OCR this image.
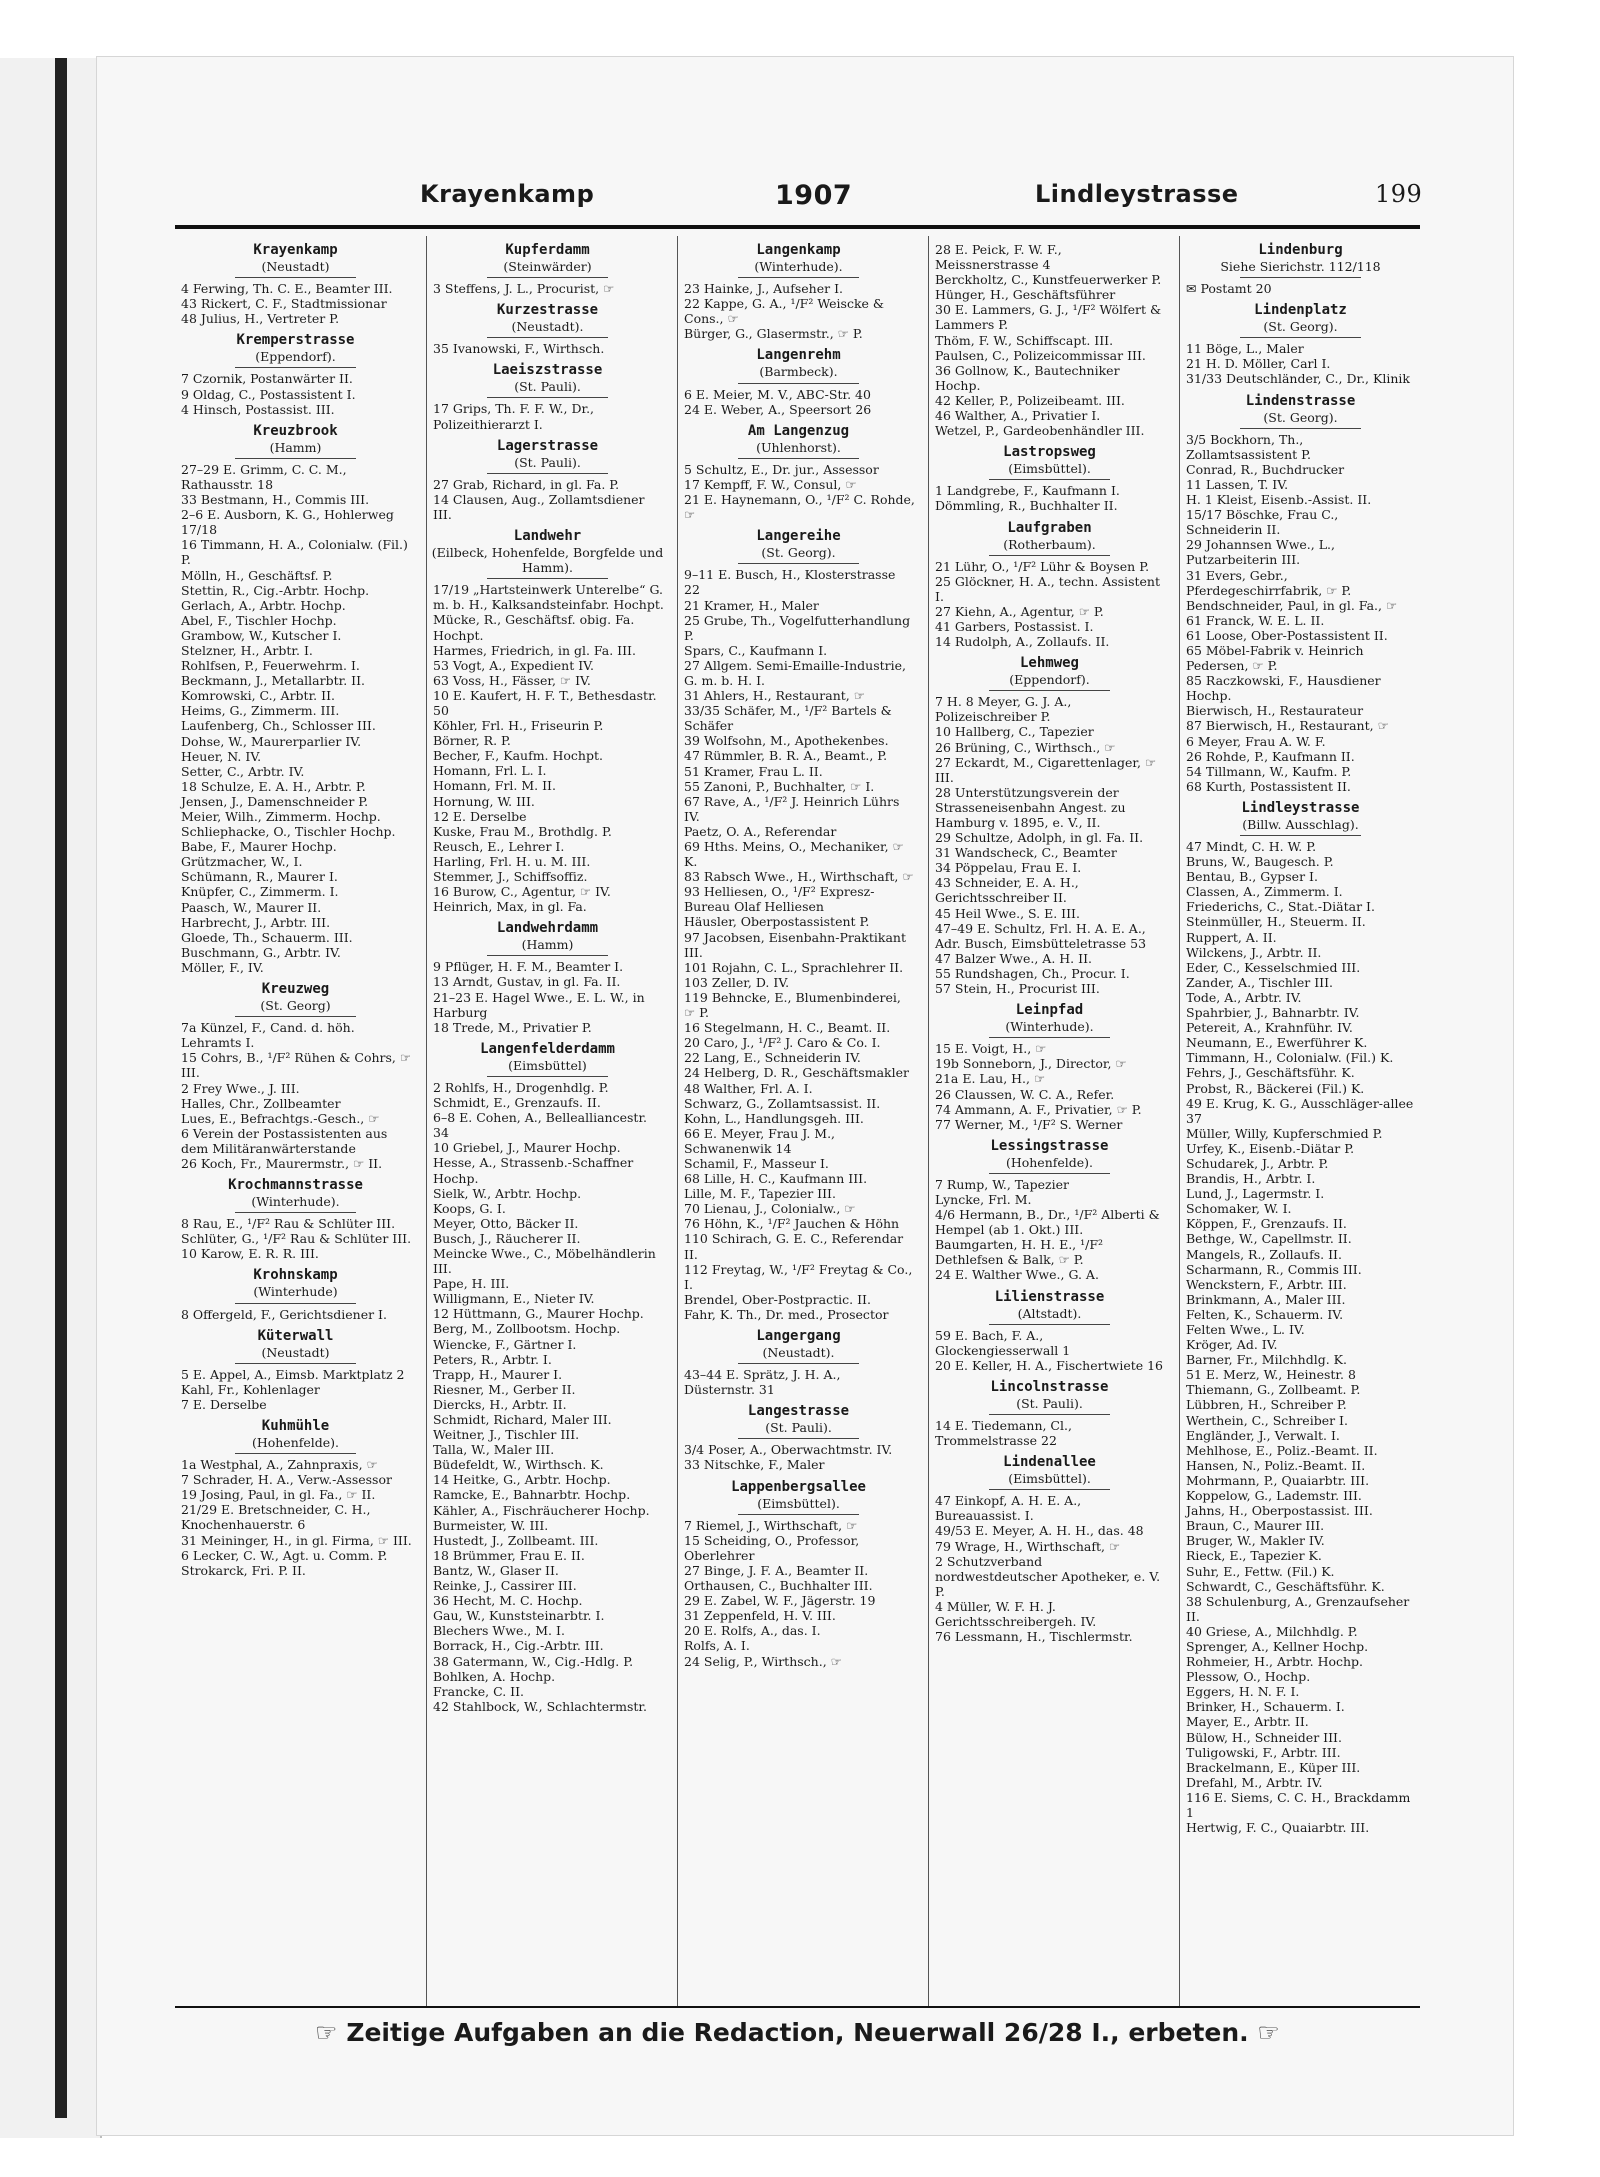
Krayenkamp	1907	Lindleystrasse	199
Krayenkamp
(Neustadt)
4 Ferwing, Th. C. E., Beamter III.
43 Rickert, C. F., Stadtmissionar
48 Julius, H., Vertreter P.
Kremperstrasse
(Eppendorf).
7 Czornik, Postanwärter II.
9 Oldag, C., Postassistent I.
4 Hinsch, Postassist. III.
Kreuzbrook
(Hamm)
27–29 E. Grimm, C. C. M., Rathausstr. 18
33 Bestmann, H., Commis III.
2–6 E. Ausborn, K. G., Hohlerweg 17/18
16 Timmann, H. A., Colonialw. (Fil.) P.
Mölln, H., Geschäftsf. P.
Stettin, R., Cig.-Arbtr. Hochp.
Gerlach, A., Arbtr. Hochp.
Abel, F., Tischler Hochp.
Grambow, W., Kutscher I.
Stelzner, H., Arbtr. I.
Rohlfsen, P., Feuerwehrm. I.
Beckmann, J., Metallarbtr. II.
Komrowski, C., Arbtr. II.
Heims, G., Zimmerm. III.
Laufenberg, Ch., Schlosser III.
Dohse, W., Maurerparlier IV.
Heuer, N. IV.
Setter, C., Arbtr. IV.
18 Schulze, E. A. H., Arbtr. P.
Jensen, J., Damenschneider P.
Meier, Wilh., Zimmerm. Hochp.
Schliephacke, O., Tischler Hochp.
Babe, F., Maurer Hochp.
Grützmacher, W., I.
Schümann, R., Maurer I.
Knüpfer, C., Zimmerm. I.
Paasch, W., Maurer II.
Harbrecht, J., Arbtr. III.
Gloede, Th., Schauerm. III.
Buschmann, G., Arbtr. IV.
Möller, F., IV.
Kreuzweg
(St. Georg)
7a Künzel, F., Cand. d. höh. Lehramts I.
15 Cohrs, B., ¹/F² Rühen & Cohrs, ☞ III.
2 Frey Wwe., J. III.
Halles, Chr., Zollbeamter
Lues, E., Befrachtgs.-Gesch., ☞
6 Verein der Postassistenten aus dem Militäranwärterstande
26 Koch, Fr., Maurermstr., ☞ II.
Krochmannstrasse
(Winterhude).
8 Rau, E., ¹/F² Rau & Schlüter III.
Schlüter, G., ¹/F² Rau & Schlüter III.
10 Karow, E. R. R. III.
Krohnskamp
(Winterhude)
8 Offergeld, F., Gerichtsdiener I.
Küterwall
(Neustadt)
5 E. Appel, A., Eimsb. Marktplatz 2
Kahl, Fr., Kohlenlager
7 E. Derselbe
Kuhmühle
(Hohenfelde).
1a Westphal, A., Zahnpraxis, ☞
7 Schrader, H. A., Verw.-Assessor
19 Josing, Paul, in gl. Fa., ☞ II.
21/29 E. Bretschneider, C. H., Knochenhauerstr. 6
31 Meininger, H., in gl. Firma, ☞ III.
6 Lecker, C. W., Agt. u. Comm. P.
Strokarck, Fri. P. II.
Kupferdamm
(Steinwärder)
3 Steffens, J. L., Procurist, ☞
Kurzestrasse
(Neustadt).
35 Ivanowski, F., Wirthsch.
Laeiszstrasse
(St. Pauli).
17 Grips, Th. F. F. W., Dr., Polizeithierarzt I.
Lagerstrasse
(St. Pauli).
27 Grab, Richard, in gl. Fa. P.
14 Clausen, Aug., Zollamtsdiener III.
Landwehr
(Eilbeck, Hohenfelde, Borgfelde und Hamm).
17/19 „Hartsteinwerk Unterelbe“ G. m. b. H., Kalksandsteinfabr. Hochpt.
Mücke, R., Geschäftsf. obig. Fa. Hochpt.
Harmes, Friedrich, in gl. Fa. III.
53 Vogt, A., Expedient IV.
63 Voss, H., Fässer, ☞ IV.
10 E. Kaufert, H. F. T., Bethesdastr. 50
Köhler, Frl. H., Friseurin P.
Börner, R. P.
Becher, F., Kaufm. Hochpt.
Homann, Frl. L. I.
Homann, Frl. M. II.
Hornung, W. III.
12 E. Derselbe
Kuske, Frau M., Brothdlg. P.
Reusch, E., Lehrer I.
Harling, Frl. H. u. M. III.
Stemmer, J., Schiffsoffiz.
16 Burow, C., Agentur, ☞ IV.
Heinrich, Max, in gl. Fa.
Landwehrdamm
(Hamm)
9 Pflüger, H. F. M., Beamter I.
13 Arndt, Gustav, in gl. Fa. II.
21–23 E. Hagel Wwe., E. L. W., in Harburg
18 Trede, M., Privatier P.
Langenfelderdamm
(Eimsbüttel)
2 Rohlfs, H., Drogenhdlg. P.
Schmidt, E., Grenzaufs. II.
6–8 E. Cohen, A., Bellealliancestr. 34
10 Griebel, J., Maurer Hochp.
Hesse, A., Strassenb.-Schaffner Hochp.
Sielk, W., Arbtr. Hochp.
Koops, G. I.
Meyer, Otto, Bäcker II.
Busch, J., Räucherer II.
Meincke Wwe., C., Möbelhändlerin III.
Pape, H. III.
Willigmann, E., Nieter IV.
12 Hüttmann, G., Maurer Hochp.
Berg, M., Zollbootsm. Hochp.
Wiencke, F., Gärtner I.
Peters, R., Arbtr. I.
Trapp, H., Maurer I.
Riesner, M., Gerber II.
Diercks, H., Arbtr. II.
Schmidt, Richard, Maler III.
Weitner, J., Tischler III.
Talla, W., Maler III.
Büdefeldt, W., Wirthsch. K.
14 Heitke, G., Arbtr. Hochp.
Ramcke, E., Bahnarbtr. Hochp.
Kähler, A., Fischräucherer Hochp.
Burmeister, W. III.
Hustedt, J., Zollbeamt. III.
18 Brümmer, Frau E. II.
Bantz, W., Glaser II.
Reinke, J., Cassirer III.
36 Hecht, M. C. Hochp.
Gau, W., Kunststeinarbtr. I.
Blechers Wwe., M. I.
Borrack, H., Cig.-Arbtr. III.
38 Gatermann, W., Cig.-Hdlg. P.
Bohlken, A. Hochp.
Francke, C. II.
42 Stahlbock, W., Schlachtermstr.
Langenkamp
(Winterhude).
23 Hainke, J., Aufseher I.
22 Kappe, G. A., ¹/F² Weiscke & Cons., ☞
Bürger, G., Glasermstr., ☞ P.
Langenrehm
(Barmbeck).
6 E. Meier, M. V., ABC-Str. 40
24 E. Weber, A., Speersort 26
Am Langenzug
(Uhlenhorst).
5 Schultz, E., Dr. jur., Assessor
17 Kempff, F. W., Consul, ☞
21 E. Haynemann, O., ¹/F² C. Rohde, ☞
Langereihe
(St. Georg).
9–11 E. Busch, H., Klosterstrasse 22
21 Kramer, H., Maler
25 Grube, Th., Vogelfutterhandlung P.
Spars, C., Kaufmann I.
27 Allgem. Semi-Emaille-Industrie, G. m. b. H. I.
31 Ahlers, H., Restaurant, ☞
33/35 Schäfer, M., ¹/F² Bartels & Schäfer
39 Wolfsohn, M., Apothekenbes.
47 Rümmler, B. R. A., Beamt., P.
51 Kramer, Frau L. II.
55 Zanoni, P., Buchhalter, ☞ I.
67 Rave, A., ¹/F² J. Heinrich Lührs IV.
Paetz, O. A., Referendar
69 Hths. Meins, O., Mechaniker, ☞ K.
83 Rabsch Wwe., H., Wirthschaft, ☞
93 Helliesen, O., ¹/F² Expresz-Bureau Olaf Helliesen
Häusler, Oberpostassistent P.
97 Jacobsen, Eisenbahn-Praktikant III.
101 Rojahn, C. L., Sprachlehrer II.
103 Zeller, D. IV.
119 Behncke, E., Blumenbinderei, ☞ P.
16 Stegelmann, H. C., Beamt. II.
20 Caro, J., ¹/F² J. Caro & Co. I.
22 Lang, E., Schneiderin IV.
24 Helberg, D. R., Geschäftsmakler
48 Walther, Frl. A. I.
Schwarz, G., Zollamtsassist. II.
Kohn, L., Handlungsgeh. III.
66 E. Meyer, Frau J. M., Schwanenwik 14
Schamil, F., Masseur I.
68 Lille, H. C., Kaufmann III.
Lille, M. F., Tapezier III.
70 Lienau, J., Colonialw., ☞
76 Höhn, K., ¹/F² Jauchen & Höhn
110 Schirach, G. E. C., Referendar II.
112 Freytag, W., ¹/F² Freytag & Co., I.
Brendel, Ober-Postpractic. II.
Fahr, K. Th., Dr. med., Prosector
Langergang
(Neustadt).
43–44 E. Sprätz, J. H. A., Düsternstr. 31
Langestrasse
(St. Pauli).
3/4 Poser, A., Oberwachtmstr. IV.
33 Nitschke, F., Maler
Lappenbergsallee
(Eimsbüttel).
7 Riemel, J., Wirthschaft, ☞
15 Scheiding, O., Professor, Oberlehrer
27 Binge, J. F. A., Beamter II.
Orthausen, C., Buchhalter III.
29 E. Zabel, W. F., Jägerstr. 19
31 Zeppenfeld, H. V. III.
20 E. Rolfs, A., das. I.
Rolfs, A. I.
24 Selig, P., Wirthsch., ☞
28 E. Peick, F. W. F., Meissnerstrasse 4
Berckholtz, C., Kunstfeuerwerker P.
Hünger, H., Geschäftsführer
30 E. Lammers, G. J., ¹/F² Wölfert & Lammers P.
Thöm, F. W., Schiffscapt. III.
Paulsen, C., Polizeicommissar III.
36 Gollnow, K., Bautechniker Hochp.
42 Keller, P., Polizeibeamt. III.
46 Walther, A., Privatier I.
Wetzel, P., Gardeobenhändler III.
Lastropsweg
(Eimsbüttel).
1 Landgrebe, F., Kaufmann I.
Dömmling, R., Buchhalter II.
Laufgraben
(Rotherbaum).
21 Lühr, O., ¹/F² Lühr & Boysen P.
25 Glöckner, H. A., techn. Assistent I.
27 Kiehn, A., Agentur, ☞ P.
41 Garbers, Postassist. I.
14 Rudolph, A., Zollaufs. II.
Lehmweg
(Eppendorf).
7 H. 8 Meyer, G. J. A., Polizeischreiber P.
10 Hallberg, C., Tapezier
26 Brüning, C., Wirthsch., ☞
27 Eckardt, M., Cigarettenlager, ☞ III.
28 Unterstützungsverein der Strasseneisenbahn Angest. zu Hamburg v. 1895, e. V., II.
29 Schultze, Adolph, in gl. Fa. II.
31 Wandscheck, C., Beamter
34 Pöppelau, Frau E. I.
43 Schneider, E. A. H., Gerichtsschreiber II.
45 Heil Wwe., S. E. III.
47–49 E. Schultz, Frl. H. A. E. A., Adr. Busch, Eimsbütteletrasse 53
47 Balzer Wwe., A. H. II.
55 Rundshagen, Ch., Procur. I.
57 Stein, H., Procurist III.
Leinpfad
(Winterhude).
15 E. Voigt, H., ☞
19b Sonneborn, J., Director, ☞
21a E. Lau, H., ☞
26 Claussen, W. C. A., Refer.
74 Ammann, A. F., Privatier, ☞ P.
77 Werner, M., ¹/F² S. Werner
Lessingstrasse
(Hohenfelde).
7 Rump, W., Tapezier
Lyncke, Frl. M.
4/6 Hermann, B., Dr., ¹/F² Alberti & Hempel (ab 1. Okt.) III.
Baumgarten, H. H. E., ¹/F² Dethlefsen & Balk, ☞ P.
24 E. Walther Wwe., G. A.
Lilienstrasse
(Altstadt).
59 E. Bach, F. A., Glockengiesserwall 1
20 E. Keller, H. A., Fischertwiete 16
Lincolnstrasse
(St. Pauli).
14 E. Tiedemann, Cl., Trommelstrasse 22
Lindenallee
(Eimsbüttel).
47 Einkopf, A. H. E. A., Bureauassist. I.
49/53 E. Meyer, A. H. H., das. 48
79 Wrage, H., Wirthschaft, ☞
2 Schutzverband nordwestdeutscher Apotheker, e. V. P.
4 Müller, W. F. H. J. Gerichtsschreibergeh. IV.
76 Lessmann, H., Tischlermstr.
Lindenburg
Siehe Sierichstr. 112/118
✉ Postamt 20
Lindenplatz
(St. Georg).
11 Böge, L., Maler
21 H. D. Möller, Carl I.
31/33 Deutschländer, C., Dr., Klinik
Lindenstrasse
(St. Georg).
3/5 Bockhorn, Th., Zollamtsassistent P.
Conrad, R., Buchdrucker
11 Lassen, T. IV.
H. 1 Kleist, Eisenb.-Assist. II.
15/17 Böschke, Frau C., Schneiderin II.
29 Johannsen Wwe., L., Putzarbeiterin III.
31 Evers, Gebr., Pferdegeschirrfabrik, ☞ P.
Bendschneider, Paul, in gl. Fa., ☞
61 Franck, W. E. L. II.
61 Loose, Ober-Postassistent II.
65 Möbel-Fabrik v. Heinrich Pedersen, ☞ P.
85 Raczkowski, F., Hausdiener Hochp.
Bierwisch, H., Restaurateur
87 Bierwisch, H., Restaurant, ☞
6 Meyer, Frau A. W. F.
26 Rohde, P., Kaufmann II.
54 Tillmann, W., Kaufm. P.
68 Kurth, Postassistent II.
Lindleystrasse
(Billw. Ausschlag).
47 Mindt, C. H. W. P.
Bruns, W., Baugesch. P.
Bentau, B., Gypser I.
Classen, A., Zimmerm. I.
Friederichs, C., Stat.-Diätar I.
Steinmüller, H., Steuerm. II.
Ruppert, A. II.
Wilckens, J., Arbtr. II.
Eder, C., Kesselschmied III.
Zander, A., Tischler III.
Tode, A., Arbtr. IV.
Spahrbier, J., Bahnarbtr. IV.
Petereit, A., Krahnführ. IV.
Neumann, E., Ewerführer K.
Timmann, H., Colonialw. (Fil.) K.
Fehrs, J., Geschäftsführ. K.
Probst, R., Bäckerei (Fil.) K.
49 E. Krug, K. G., Ausschläger-allee 37
Müller, Willy, Kupferschmied P.
Urfey, K., Eisenb.-Diätar P.
Schudarek, J., Arbtr. P.
Brandis, H., Arbtr. I.
Lund, J., Lagermstr. I.
Schomaker, W. I.
Köppen, F., Grenzaufs. II.
Bethge, W., Capellmstr. II.
Mangels, R., Zollaufs. II.
Scharmann, R., Commis III.
Wenckstern, F., Arbtr. III.
Brinkmann, A., Maler III.
Felten, K., Schauerm. IV.
Felten Wwe., L. IV.
Kröger, Ad. IV.
Barner, Fr., Milchhdlg. K.
51 E. Merz, W., Heinestr. 8
Thiemann, G., Zollbeamt. P.
Lübbren, H., Schreiber P.
Werthein, C., Schreiber I.
Engländer, J., Verwalt. I.
Mehlhose, E., Poliz.-Beamt. II.
Hansen, N., Poliz.-Beamt. II.
Mohrmann, P., Quaiarbtr. III.
Koppelow, G., Lademstr. III.
Jahns, H., Oberpostassist. III.
Braun, C., Maurer III.
Bruger, W., Makler IV.
Rieck, E., Tapezier K.
Suhr, E., Fettw. (Fil.) K.
Schwardt, C., Geschäftsführ. K.
38 Schulenburg, A., Grenzaufseher II.
40 Griese, A., Milchhdlg. P.
Sprenger, A., Kellner Hochp.
Rohmeier, H., Arbtr. Hochp.
Plessow, O., Hochp.
Eggers, H. N. F. I.
Brinker, H., Schauerm. I.
Mayer, E., Arbtr. II.
Bülow, H., Schneider III.
Tuligowski, F., Arbtr. III.
Brackelmann, E., Küper III.
Drefahl, M., Arbtr. IV.
116 E. Siems, C. C. H., Brackdamm 1
Hertwig, F. C., Quaiarbtr. III.
☞ Zeitige Aufgaben an die Redaction, Neuerwall 26/28 I., erbeten. ☞
